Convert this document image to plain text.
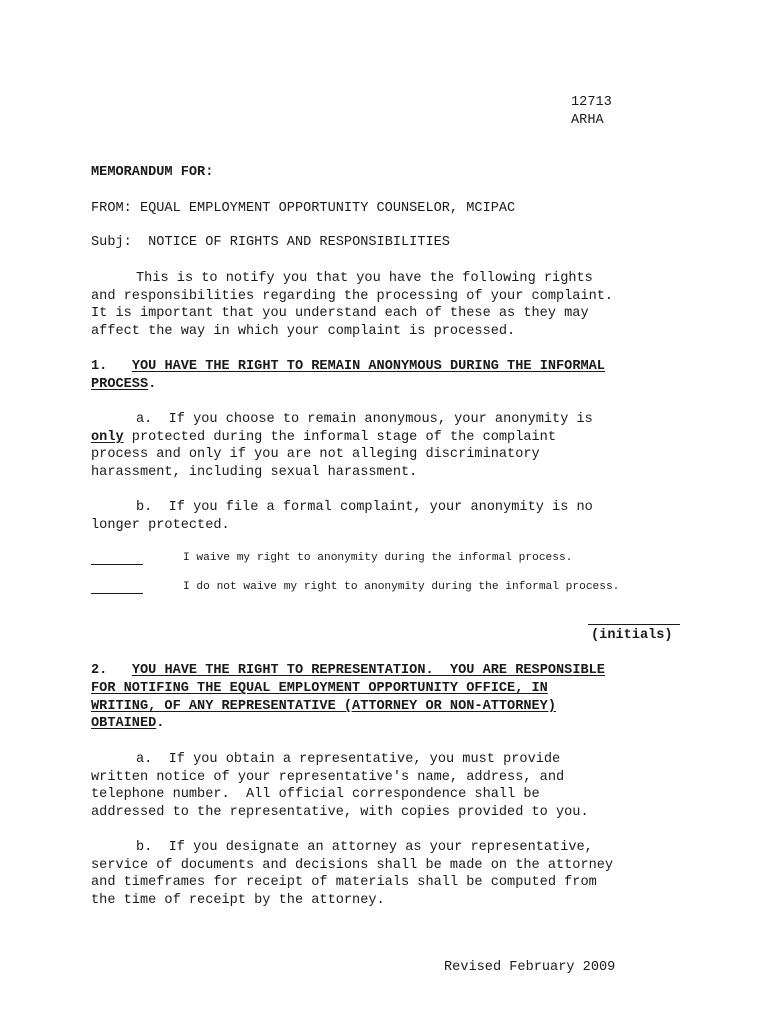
12713
ARHA
MEMORANDUM FOR:
FROM: EQUAL EMPLOYMENT OPPORTUNITY COUNSELOR, MCIPAC
Subj: NOTICE OF RIGHTS AND RESPONSIBILITIES
This is to notify you that you have the following rights
and responsibilities regarding the processing of your complaint.
It is important that you understand each of these as they may
affect the way in which your complaint is processed.
1. YOU HAVE THE RIGHT TO REMAIN ANONYMOUS DURING THE INFORMAL
PROCESS.
a.  If you choose to remain anonymous, your anonymity is
only protected during the informal stage of the complaint
process and only if you are not alleging discriminatory
harassment, including sexual harassment.
b.  If you file a formal complaint, your anonymity is no
longer protected.
I waive my right to anonymity during the informal process.
I do not waive my right to anonymity during the informal process.
(initials)
2. YOU HAVE THE RIGHT TO REPRESENTATION.  YOU ARE RESPONSIBLE
FOR NOTIFING THE EQUAL EMPLOYMENT OPPORTUNITY OFFICE, IN
WRITING, OF ANY REPRESENTATIVE (ATTORNEY OR NON-ATTORNEY)
OBTAINED.
a.  If you obtain a representative, you must provide
written notice of your representative's name, address, and
telephone number.  All official correspondence shall be
addressed to the representative, with copies provided to you.
b.  If you designate an attorney as your representative,
service of documents and decisions shall be made on the attorney
and timeframes for receipt of materials shall be computed from
the time of receipt by the attorney.
Revised February 2009
